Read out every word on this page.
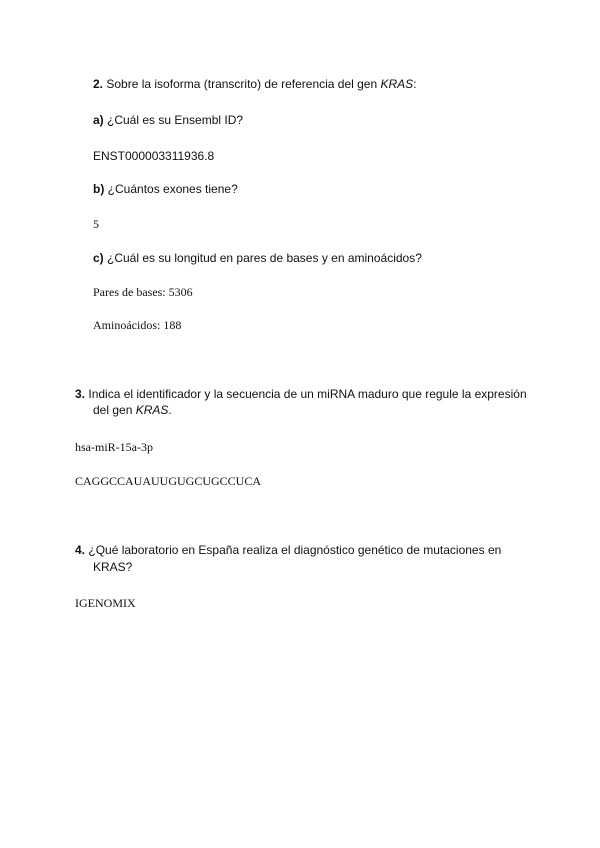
2. Sobre la isoforma (transcrito) de referencia del gen KRAS:
a) ¿Cuál es su Ensembl ID?
ENST000003311936.8
b) ¿Cuántos exones tiene?
5
c) ¿Cuál es su longitud en pares de bases y en aminoácidos?
Pares de bases: 5306
Aminoácidos: 188
3. Indica el identificador y la secuencia de un miRNA maduro que regule la expresión
del gen KRAS.
hsa-miR-15a-3p
CAGGCCAUAUUGUGCUGCCUCA
4. ¿Qué laboratorio en España realiza el diagnóstico genético de mutaciones en
KRAS?
IGENOMIX
